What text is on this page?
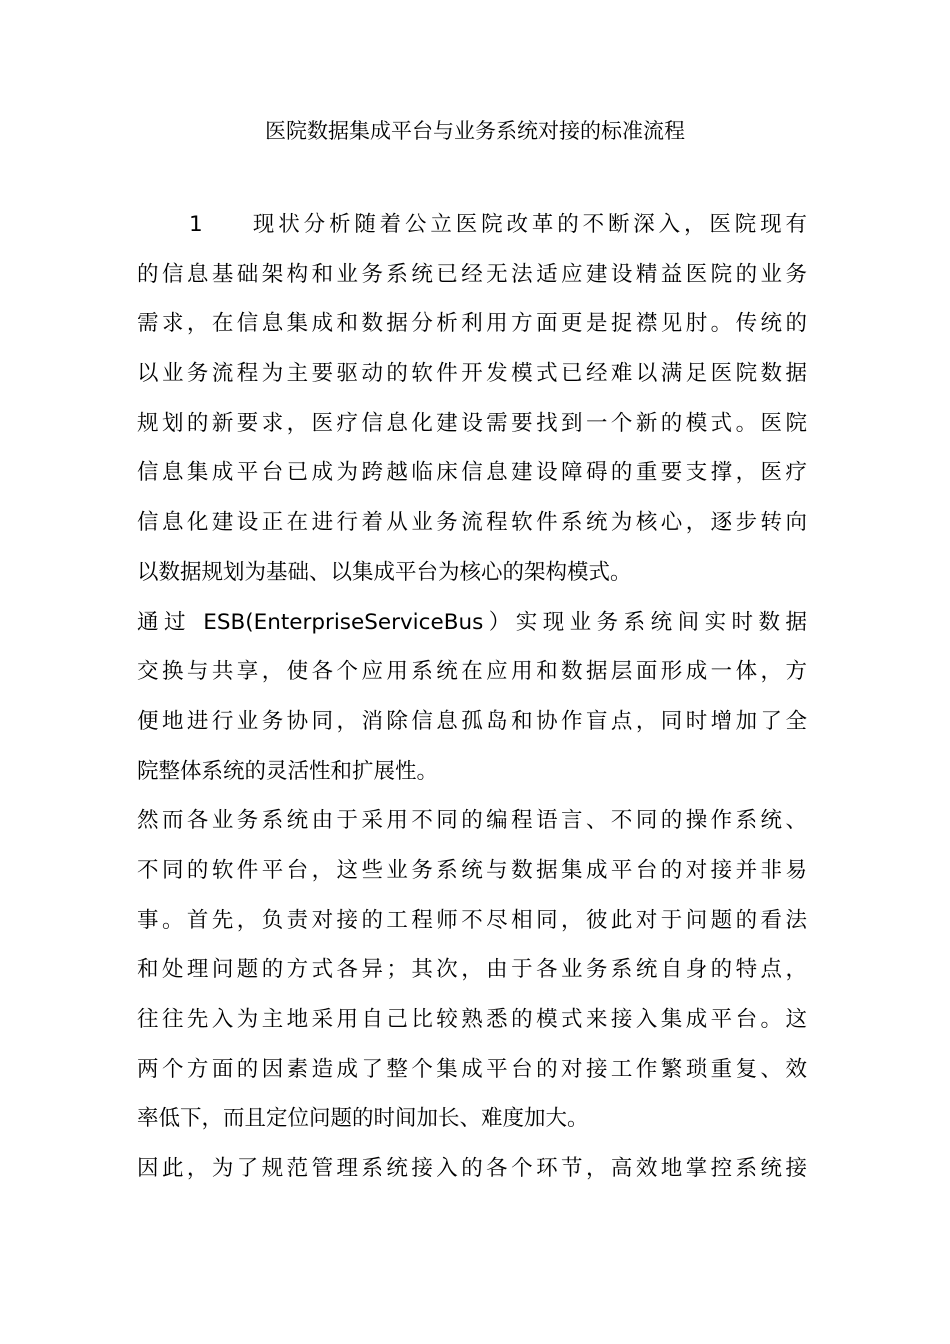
医院数据集成平台与业务系统对接的标准流程

1 现状分析随着公立医院改革的不断深入，医院现有
的信息基础架构和业务系统已经无法适应建设精益医院的业务
需求，在信息集成和数据分析利用方面更是捉襟见肘。传统的
以业务流程为主要驱动的软件开发模式已经难以满足医院数据
规划的新要求，医疗信息化建设需要找到一个新的模式。医院
信息集成平台已成为跨越临床信息建设障碍的重要支撑，医疗
信息化建设正在进行着从业务流程软件系统为核心，逐步转向
以数据规划为基础、以集成平台为核心的架构模式。

通过 ESB(EnterpriseServiceBus）实现业务系统间实时数据
交换与共享，使各个应用系统在应用和数据层面形成一体，方
便地进行业务协同，消除信息孤岛和协作盲点，同时增加了全
院整体系统的灵活性和扩展性。

然而各业务系统由于采用不同的编程语言、不同的操作系统、
不同的软件平台，这些业务系统与数据集成平台的对接并非易
事。首先，负责对接的工程师不尽相同，彼此对于问题的看法
和处理问题的方式各异；其次，由于各业务系统自身的特点，
往往先入为主地采用自己比较熟悉的模式来接入集成平台。这
两个方面的因素造成了整个集成平台的对接工作繁琐重复、效
率低下，而且定位问题的时间加长、难度加大。

因此，为了规范管理系统接入的各个环节，高效地掌控系统接
